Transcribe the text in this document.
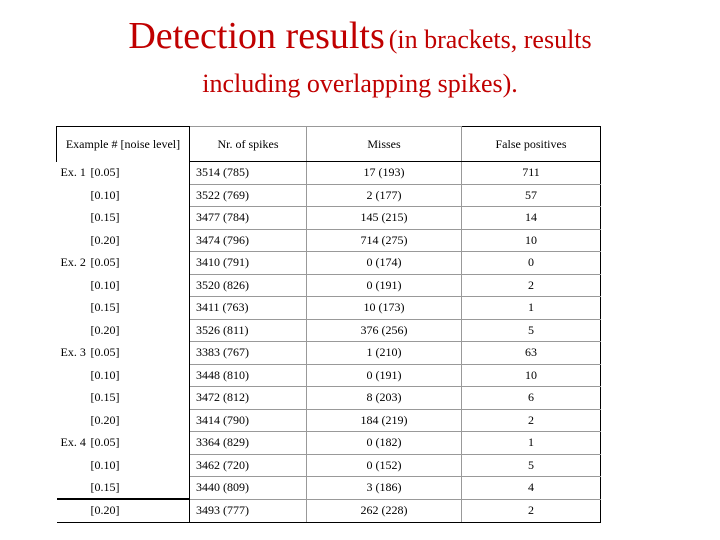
Detection results (in brackets, results
including overlapping spikes).
Example # [noise level]	Nr. of spikes	Misses	False positives
Ex. 1 [0.05]	3514 (785)	17 (193)	711
[0.10]	3522 (769)	2 (177)	57
[0.15]	3477 (784)	145 (215)	14
[0.20]	3474 (796)	714 (275)	10
Ex. 2 [0.05]	3410 (791)	0 (174)	0
[0.10]	3520 (826)	0 (191)	2
[0.15]	3411 (763)	10 (173)	1
[0.20]	3526 (811)	376 (256)	5
Ex. 3 [0.05]	3383 (767)	1 (210)	63
[0.10]	3448 (810)	0 (191)	10
[0.15]	3472 (812)	8 (203)	6
[0.20]	3414 (790)	184 (219)	2
Ex. 4 [0.05]	3364 (829)	0 (182)	1
[0.10]	3462 (720)	0 (152)	5
[0.15]	3440 (809)	3 (186)	4
[0.20]	3493 (777)	262 (228)	2
